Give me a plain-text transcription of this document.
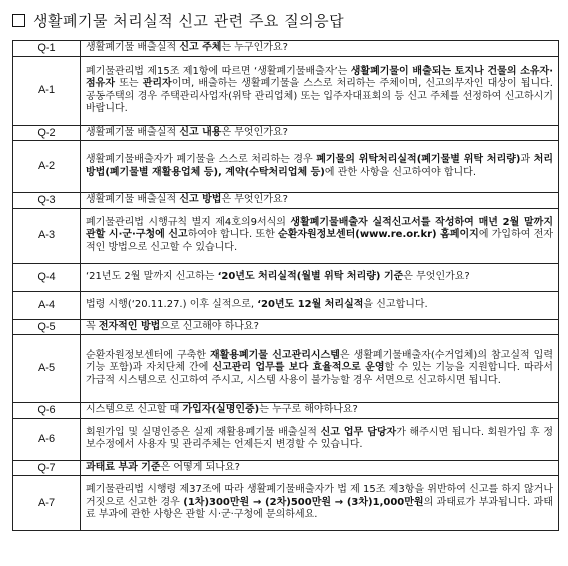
생활폐기물 처리실적 신고 관련 주요 질의응답
Q-1	생활폐기물 배출실적 신고 주체는 누구인가요?
A-1	폐기물관리법 제15조 제1항에 따르면 ‘생활폐기물배출자’는 생활폐기물이 배출되는 토지나 건물의 소유자·점유자 또는 관리자이며, 배출하는 생활폐기물을 스스로 처리하는 주체이며, 신고의무자인 대상이 됩니다. 공동주택의 경우 주택관리사업자(위탁 관리업체) 또는 입주자대표회의 등 신고 주체를 선정하여 신고하시기 바랍니다.
Q-2	생활폐기물 배출실적 신고 내용은 무엇인가요?
A-2	생활폐기물배출자가 폐기물을 스스로 처리하는 경우 폐기물의 위탁처리실적(폐기물별 위탁 처리량)과 처리방법(폐기물별 재활용업체 등), 계약(수탁처리업체 등)에 관한 사항을 신고하여야 합니다.
Q-3	생활폐기물 배출실적 신고 방법은 무엇인가요?
A-3	폐기물관리법 시행규칙 별지 제4호의9서식의 생활폐기물배출자 실적신고서를 작성하여 매년 2월 말까지 관할 시·군·구청에 신고하여야 합니다. 또한 순환자원정보센터(www.re.or.kr) 홈페이지에 가입하여 전자적인 방법으로 신고할 수 있습니다.
Q-4	‘21년도 2월 말까지 신고하는 ‘20년도 처리실적(월별 위탁 처리량) 기준은 무엇인가요?
A-4	법령 시행(‘20.11.27.) 이후 실적으로, ‘20년도 12월 처리실적을 신고합니다.
Q-5	꼭 전자적인 방법으로 신고해야 하나요?
A-5	순환자원정보센터에 구축한 재활용폐기물 신고관리시스템은 생활폐기물배출자(수거업체)의 참고실적 입력 기능 포함)과 자치단체 간에 신고관리 업무를 보다 효율적으로 운영할 수 있는 기능을 지원합니다. 따라서 가급적 시스템으로 신고하여 주시고, 시스템 사용이 불가능할 경우 서면으로 신고하시면 됩니다.
Q-6	시스템으로 신고할 때 가입자(실명인증)는 누구로 해야하나요?
A-6	회원가입 및 실명인증은 실제 재활용폐기물 배출실적 신고 업무 담당자가 해주시면 됩니다. 회원가입 후 정보수정에서 사용자 및 관리주체는 언제든지 변경할 수 있습니다.
Q-7	과태료 부과 기준은 어떻게 되나요?
A-7	폐기물관리법 시행령 제37조에 따라 생활폐기물배출자가 법 제 15조 제3항을 위반하여 신고를 하지 않거나 거짓으로 신고한 경우 (1차)300만원 → (2차)500만원 → (3차)1,000만원의 과태료가 부과됩니다. 과태료 부과에 관한 사항은 관할 시·군·구청에 문의하세요.
